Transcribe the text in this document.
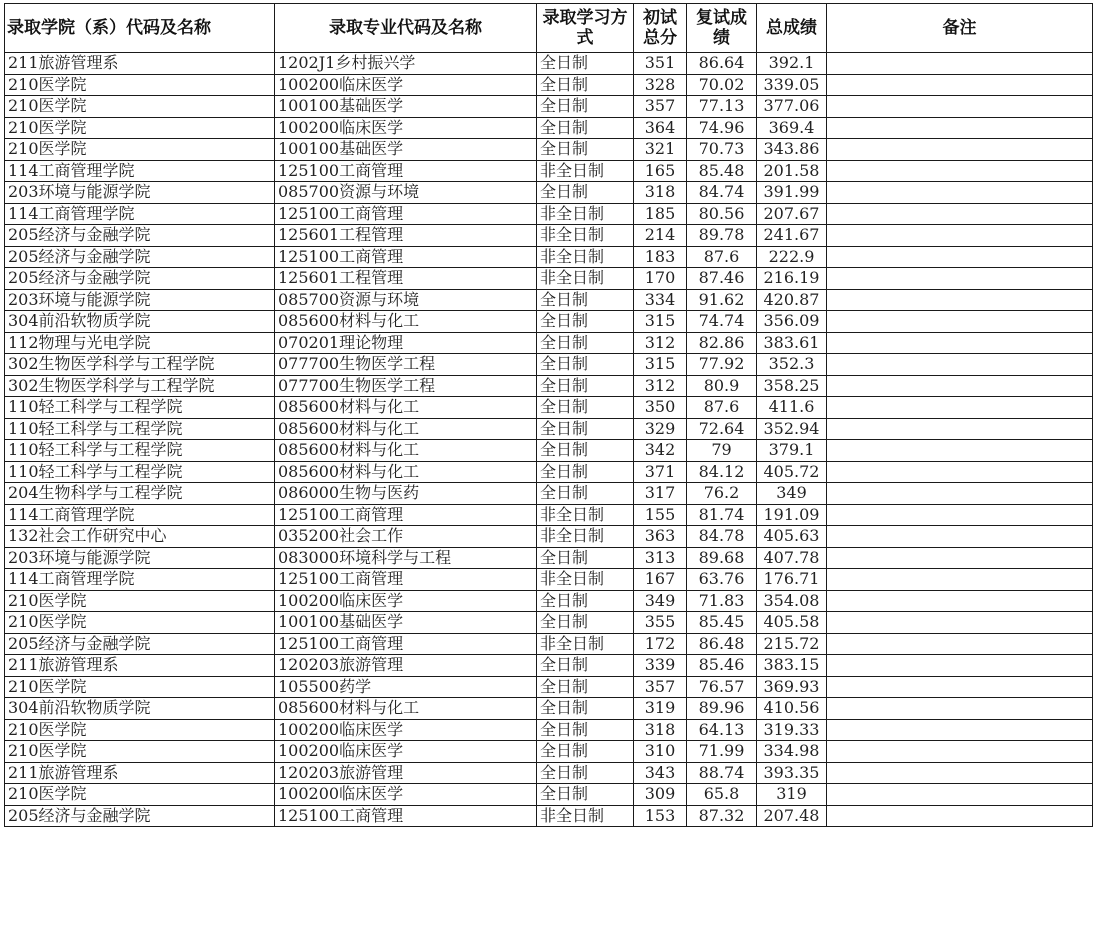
录取学院（系）代码及名称	录取专业代码及名称	录取学习方式	初试总分	复试成绩	总成绩	备注
211旅游管理系	1202J1乡村振兴学	全日制	351	86.64	392.1	
210医学院	100200临床医学	全日制	328	70.02	339.05	
210医学院	100100基础医学	全日制	357	77.13	377.06	
210医学院	100200临床医学	全日制	364	74.96	369.4	
210医学院	100100基础医学	全日制	321	70.73	343.86	
114工商管理学院	125100工商管理	非全日制	165	85.48	201.58	
203环境与能源学院	085700资源与环境	全日制	318	84.74	391.99	
114工商管理学院	125100工商管理	非全日制	185	80.56	207.67	
205经济与金融学院	125601工程管理	非全日制	214	89.78	241.67	
205经济与金融学院	125100工商管理	非全日制	183	87.6	222.9	
205经济与金融学院	125601工程管理	非全日制	170	87.46	216.19	
203环境与能源学院	085700资源与环境	全日制	334	91.62	420.87	
304前沿软物质学院	085600材料与化工	全日制	315	74.74	356.09	
112物理与光电学院	070201理论物理	全日制	312	82.86	383.61	
302生物医学科学与工程学院	077700生物医学工程	全日制	315	77.92	352.3	
302生物医学科学与工程学院	077700生物医学工程	全日制	312	80.9	358.25	
110轻工科学与工程学院	085600材料与化工	全日制	350	87.6	411.6	
110轻工科学与工程学院	085600材料与化工	全日制	329	72.64	352.94	
110轻工科学与工程学院	085600材料与化工	全日制	342	79	379.1	
110轻工科学与工程学院	085600材料与化工	全日制	371	84.12	405.72	
204生物科学与工程学院	086000生物与医药	全日制	317	76.2	349	
114工商管理学院	125100工商管理	非全日制	155	81.74	191.09	
132社会工作研究中心	035200社会工作	非全日制	363	84.78	405.63	
203环境与能源学院	083000环境科学与工程	全日制	313	89.68	407.78	
114工商管理学院	125100工商管理	非全日制	167	63.76	176.71	
210医学院	100200临床医学	全日制	349	71.83	354.08	
210医学院	100100基础医学	全日制	355	85.45	405.58	
205经济与金融学院	125100工商管理	非全日制	172	86.48	215.72	
211旅游管理系	120203旅游管理	全日制	339	85.46	383.15	
210医学院	105500药学	全日制	357	76.57	369.93	
304前沿软物质学院	085600材料与化工	全日制	319	89.96	410.56	
210医学院	100200临床医学	全日制	318	64.13	319.33	
210医学院	100200临床医学	全日制	310	71.99	334.98	
211旅游管理系	120203旅游管理	全日制	343	88.74	393.35	
210医学院	100200临床医学	全日制	309	65.8	319	
205经济与金融学院	125100工商管理	非全日制	153	87.32	207.48	
